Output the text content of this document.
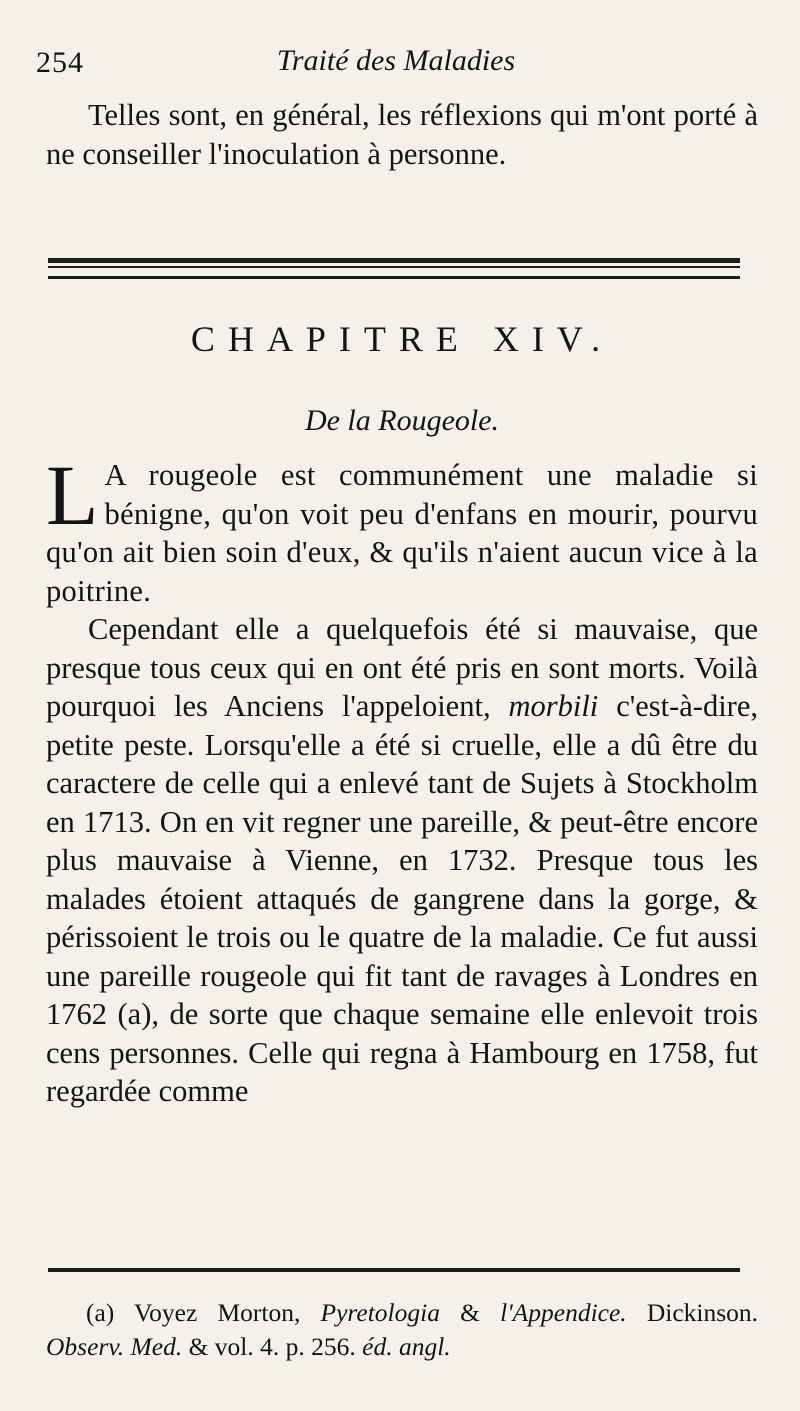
254	Traité des Maladies

Telles sont, en général, les réflexions qui m'ont porté à ne conseiller l'inoculation à personne.

CHAPITRE XIV.
De la Rougeole.

L A rougeole est communément une maladie si bénigne, qu'on voit peu d'enfans en mourir, pourvu qu'on ait bien soin d'eux, & qu'ils n'aient aucun vice à la poitrine.

Cependant elle a quelquefois été si mauvaise, que presque tous ceux qui en ont été pris en sont morts. Voilà pourquoi les Anciens l'appeloient, morbili c'est-à-dire, petite peste. Lorsqu'elle a été si cruelle, elle a dû être du caractere de celle qui a enlevé tant de Sujets à Stockholm en 1713. On en vit regner une pareille, & peut-être encore plus mauvaise à Vienne, en 1732. Presque tous les malades étoient attaqués de gangrene dans la gorge, & périssoient le trois ou le quatre de la maladie. Ce fut aussi une pareille rougeole qui fit tant de ravages à Londres en 1762 (a), de sorte que chaque semaine elle enlevoit trois cens personnes. Celle qui regna à Hambourg en 1758, fut regardée comme

(a) Voyez Morton, Pyretologia & l'Appendice. Dickinson. Observ. Med. & vol. 4. p. 256. éd. angl.
